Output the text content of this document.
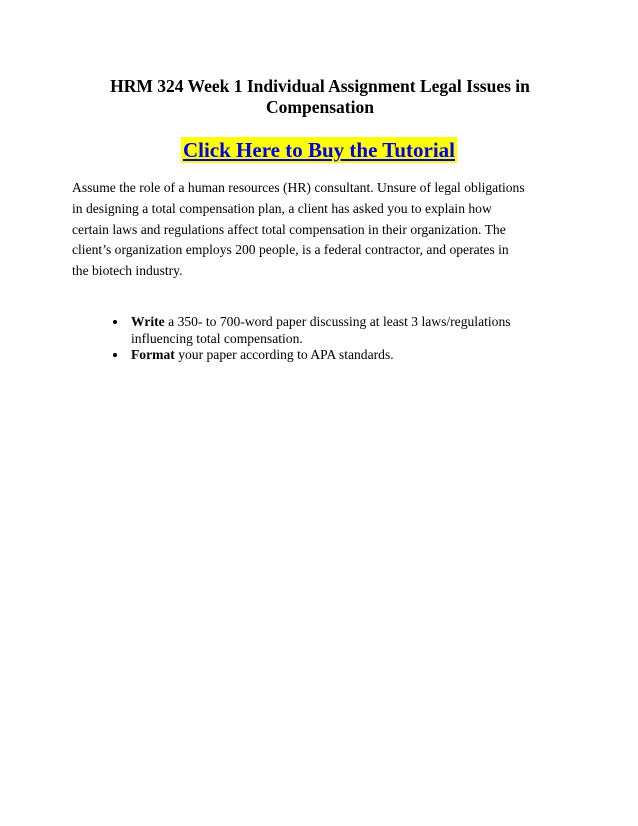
HRM 324 Week 1 Individual Assignment Legal Issues in
Compensation
Click Here to Buy the Tutorial
Assume the role of a human resources (HR) consultant. Unsure of legal obligations
in designing a total compensation plan, a client has asked you to explain how
certain laws and regulations affect total compensation in their organization. The
client’s organization employs 200 people, is a federal contractor, and operates in
the biotech industry.
Write a 350- to 700-word paper discussing at least 3 laws/regulations
influencing total compensation.
Format your paper according to APA standards.
